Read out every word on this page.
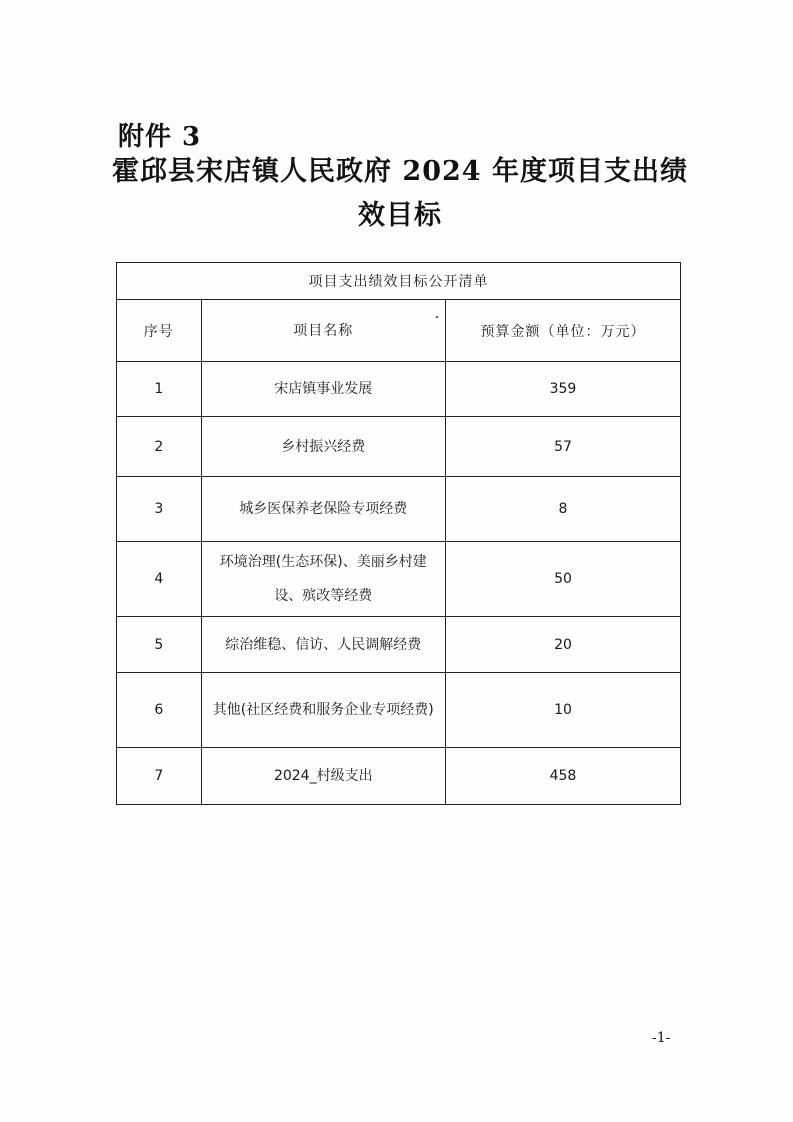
附件 3
霍邱县宋店镇人民政府 2024 年度项目支出绩效目标
项目支出绩效目标公开清单		
序号	项目名称	预算金额（单位：万元）
1	宋店镇事业发展	359
2	乡村振兴经费	57
3	城乡医保养老保险专项经费	8
4	环境治理(生态环保)、美丽乡村建设、殡改等经费	50
5	综治维稳、信访、人民调解经费	20
6	其他(社区经费和服务企业专项经费)	10
7	2024_村级支出	458
-1-
